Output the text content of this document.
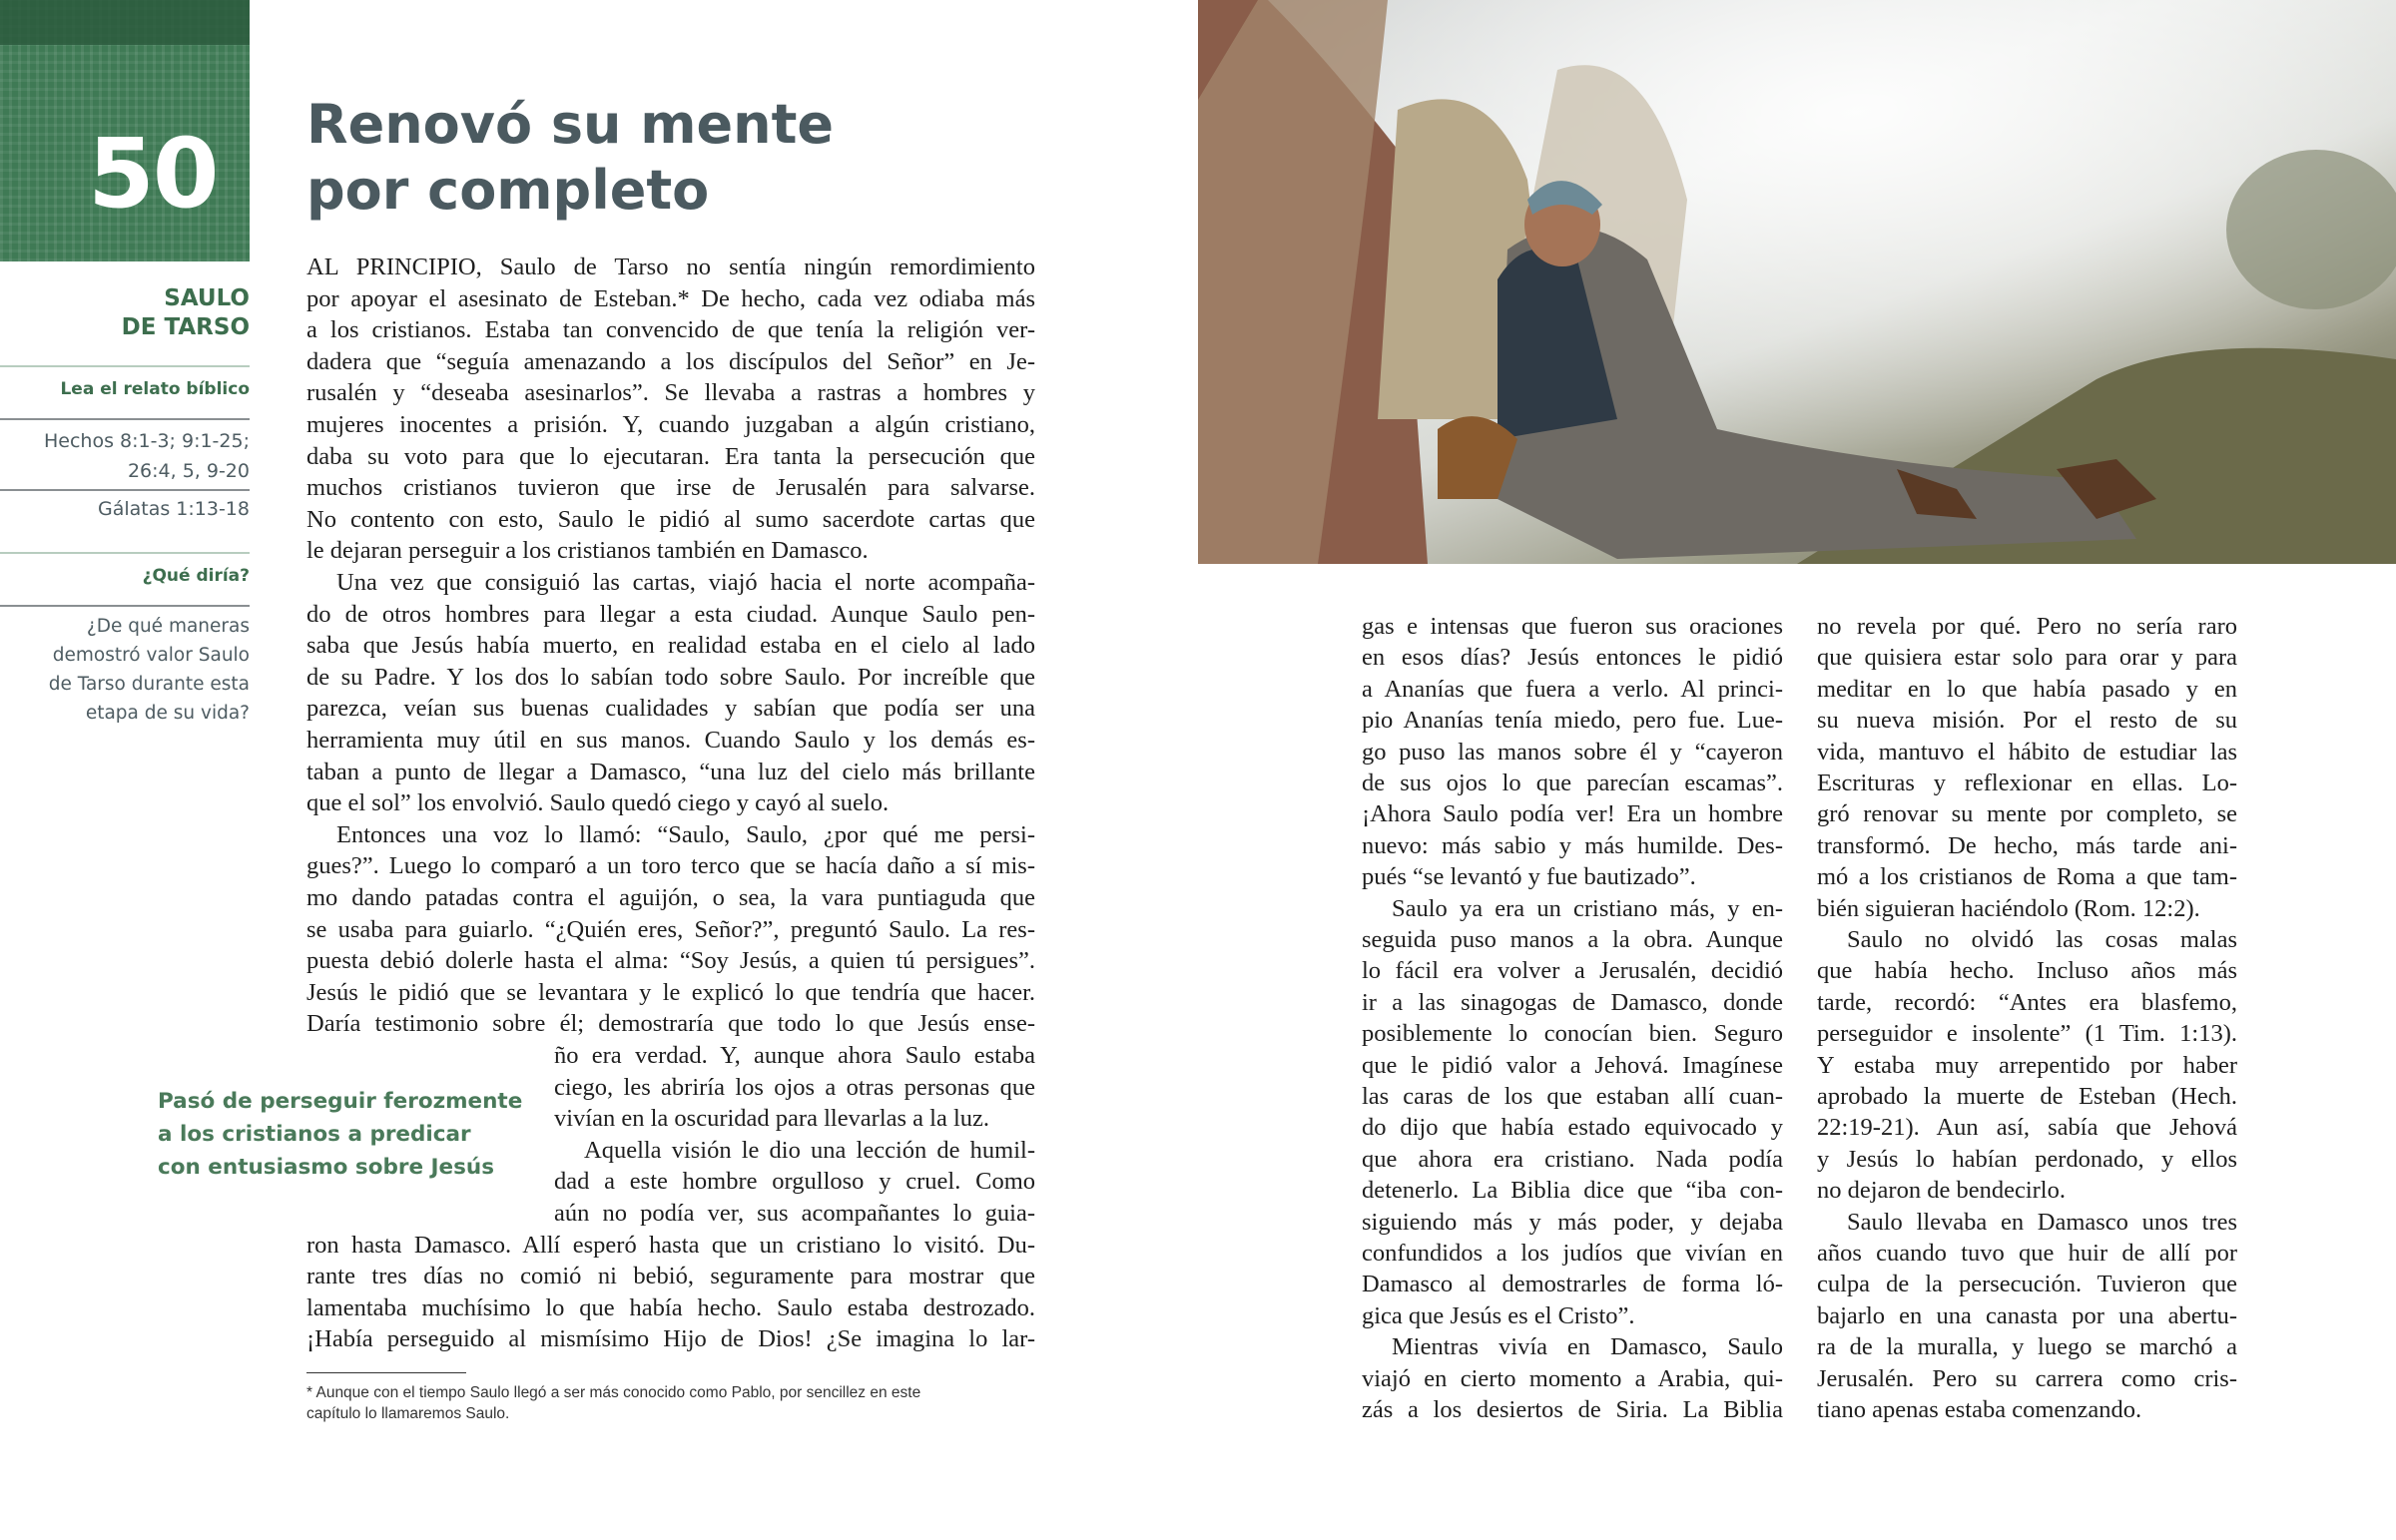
50
SAULO
DE TARSO
Lea el relato bíblico
Hechos 8:1-3; 9:1-25;
26:4, 5, 9-20
Gálatas 1:13-18
¿Qué diría?
¿De qué maneras
demostró valor Saulo
de Tarso durante esta
etapa de su vida?
Renovó su mente
por completo
Pasó de perseguir ferozmente
a los cristianos a predicar
con entusiasmo sobre Jesús
AL PRINCIPIO, Saulo de Tarso no sentía ningún remordimiento
por apoyar el asesinato de Esteban.* De hecho, cada vez odiaba más
a los cristianos. Estaba tan convencido de que tenía la religión ver-
dadera que “seguía amenazando a los discípulos del Señor” en Je-
rusalén y “deseaba asesinarlos”. Se llevaba a rastras a hombres y
mujeres inocentes a prisión. Y, cuando juzgaban a algún cristiano,
daba su voto para que lo ejecutaran. Era tanta la persecución que
muchos cristianos tuvieron que irse de Jerusalén para salvarse.
No contento con esto, Saulo le pidió al sumo sacerdote cartas que
le dejaran perseguir a los cristianos también en Damasco.
Una vez que consiguió las cartas, viajó hacia el norte acompaña-
do de otros hombres para llegar a esta ciudad. Aunque Saulo pen-
saba que Jesús había muerto, en realidad estaba en el cielo al lado
de su Padre. Y los dos lo sabían todo sobre Saulo. Por increíble que
parezca, veían sus buenas cualidades y sabían que podía ser una
herramienta muy útil en sus manos. Cuando Saulo y los demás es-
taban a punto de llegar a Damasco, “una luz del cielo más brillante
que el sol” los envolvió. Saulo quedó ciego y cayó al suelo.
Entonces una voz lo llamó: “Saulo, Saulo, ¿por qué me persi-
gues?”. Luego lo comparó a un toro terco que se hacía daño a sí mis-
mo dando patadas contra el aguijón, o sea, la vara puntiaguda que
se usaba para guiarlo. “¿Quién eres, Señor?”, preguntó Saulo. La res-
puesta debió dolerle hasta el alma: “Soy Jesús, a quien tú persigues”.
Jesús le pidió que se levantara y le explicó lo que tendría que hacer.
Daría testimonio sobre él; demostraría que todo lo que Jesús ense-
ño era verdad. Y, aunque ahora Saulo estaba
ciego, les abriría los ojos a otras personas que
vivían en la oscuridad para llevarlas a la luz.
Aquella visión le dio una lección de humil-
dad a este hombre orgulloso y cruel. Como
aún no podía ver, sus acompañantes lo guia-
ron hasta Damasco. Allí esperó hasta que un cristiano lo visitó. Du-
rante tres días no comió ni bebió, seguramente para mostrar que
lamentaba muchísimo lo que había hecho. Saulo estaba destrozado.
¡Había perseguido al mismísimo Hijo de Dios! ¿Se imagina lo lar-
gas e intensas que fueron sus oraciones
en esos días? Jesús entonces le pidió
a Ananías que fuera a verlo. Al princi-
pio Ananías tenía miedo, pero fue. Lue-
go puso las manos sobre él y “cayeron
de sus ojos lo que parecían escamas”.
¡Ahora Saulo podía ver! Era un hombre
nuevo: más sabio y más humilde. Des-
pués “se levantó y fue bautizado”.
Saulo ya era un cristiano más, y en-
seguida puso manos a la obra. Aunque
lo fácil era volver a Jerusalén, decidió
ir a las sinagogas de Damasco, donde
posiblemente lo conocían bien. Seguro
que le pidió valor a Jehová. Imagínese
las caras de los que estaban allí cuan-
do dijo que había estado equivocado y
que ahora era cristiano. Nada podía
detenerlo. La Biblia dice que “iba con-
siguiendo más y más poder, y dejaba
confundidos a los judíos que vivían en
Damasco al demostrarles de forma ló-
gica que Jesús es el Cristo”.
Mientras vivía en Damasco, Saulo
viajó en cierto momento a Arabia, qui-
zás a los desiertos de Siria. La Biblia
no revela por qué. Pero no sería raro
que quisiera estar solo para orar y para
meditar en lo que había pasado y en
su nueva misión. Por el resto de su
vida, mantuvo el hábito de estudiar las
Escrituras y reflexionar en ellas. Lo-
gró renovar su mente por completo, se
transformó. De hecho, más tarde ani-
mó a los cristianos de Roma a que tam-
bién siguieran haciéndolo (Rom. 12:2).
Saulo no olvidó las cosas malas
que había hecho. Incluso años más
tarde, recordó: “Antes era blasfemo,
perseguidor e insolente” (1 Tim. 1:13).
Y estaba muy arrepentido por haber
aprobado la muerte de Esteban (Hech.
22:19-21). Aun así, sabía que Jehová
y Jesús lo habían perdonado, y ellos
no dejaron de bendecirlo.
Saulo llevaba en Damasco unos tres
años cuando tuvo que huir de allí por
culpa de la persecución. Tuvieron que
bajarlo en una canasta por una abertu-
ra de la muralla, y luego se marchó a
Jerusalén. Pero su carrera como cris-
tiano apenas estaba comenzando.
* Aunque con el tiempo Saulo llegó a ser más conocido como Pablo, por sencillez en este
capítulo lo llamaremos Saulo.
